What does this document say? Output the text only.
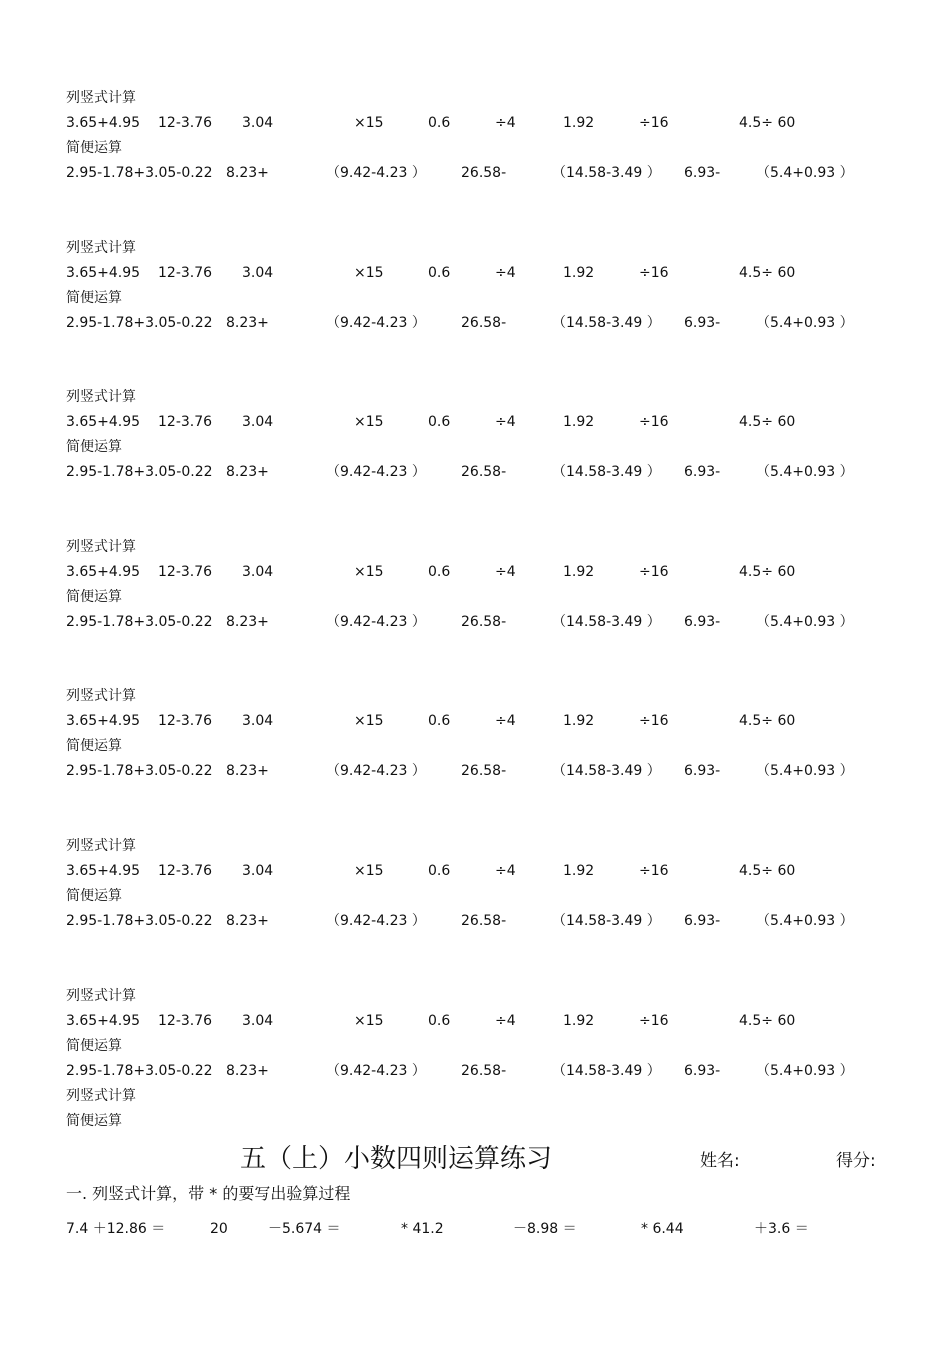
列竖式计算
3.65+4.95 12-3.76 3.04	×15	0.6	÷4	1.92	÷16	4.5÷ 60
简便运算
2.95-1.78+3.05-0.22 8.23+	（9.42-4.23 ）	26.58-	（14.58-3.49 ） 6.93-	（5.4+0.93 ）
列竖式计算
3.65+4.95 12-3.76 3.04	×15	0.6	÷4	1.92	÷16	4.5÷ 60
简便运算
2.95-1.78+3.05-0.22 8.23+	（9.42-4.23 ）	26.58-	（14.58-3.49 ） 6.93-	（5.4+0.93 ）
列竖式计算
3.65+4.95 12-3.76 3.04	×15	0.6	÷4	1.92	÷16	4.5÷ 60
简便运算
2.95-1.78+3.05-0.22 8.23+	（9.42-4.23 ）	26.58-	（14.58-3.49 ） 6.93-	（5.4+0.93 ）
列竖式计算
3.65+4.95 12-3.76 3.04	×15	0.6	÷4	1.92	÷16	4.5÷ 60
简便运算
2.95-1.78+3.05-0.22 8.23+	（9.42-4.23 ）	26.58-	（14.58-3.49 ） 6.93-	（5.4+0.93 ）
列竖式计算
3.65+4.95 12-3.76 3.04	×15	0.6	÷4	1.92	÷16	4.5÷ 60
简便运算
2.95-1.78+3.05-0.22 8.23+	（9.42-4.23 ）	26.58-	（14.58-3.49 ） 6.93-	（5.4+0.93 ）
列竖式计算
3.65+4.95 12-3.76 3.04	×15	0.6	÷4	1.92	÷16	4.5÷ 60
简便运算
2.95-1.78+3.05-0.22 8.23+	（9.42-4.23 ）	26.58-	（14.58-3.49 ） 6.93-	（5.4+0.93 ）
列竖式计算
3.65+4.95 12-3.76 3.04	×15	0.6	÷4	1.92	÷16	4.5÷ 60
简便运算
2.95-1.78+3.05-0.22 8.23+	（9.42-4.23 ）	26.58-	（14.58-3.49 ） 6.93-	（5.4+0.93 ）
列竖式计算
简便运算
五（上）小数四则运算练习	姓名:	得分:
一. 列竖式计算，带 * 的要写出验算过程
7.4 ＋12.86 ＝	20	－5.674 ＝	* 41.2	－8.98 ＝	* 6.44	＋3.6 ＝
